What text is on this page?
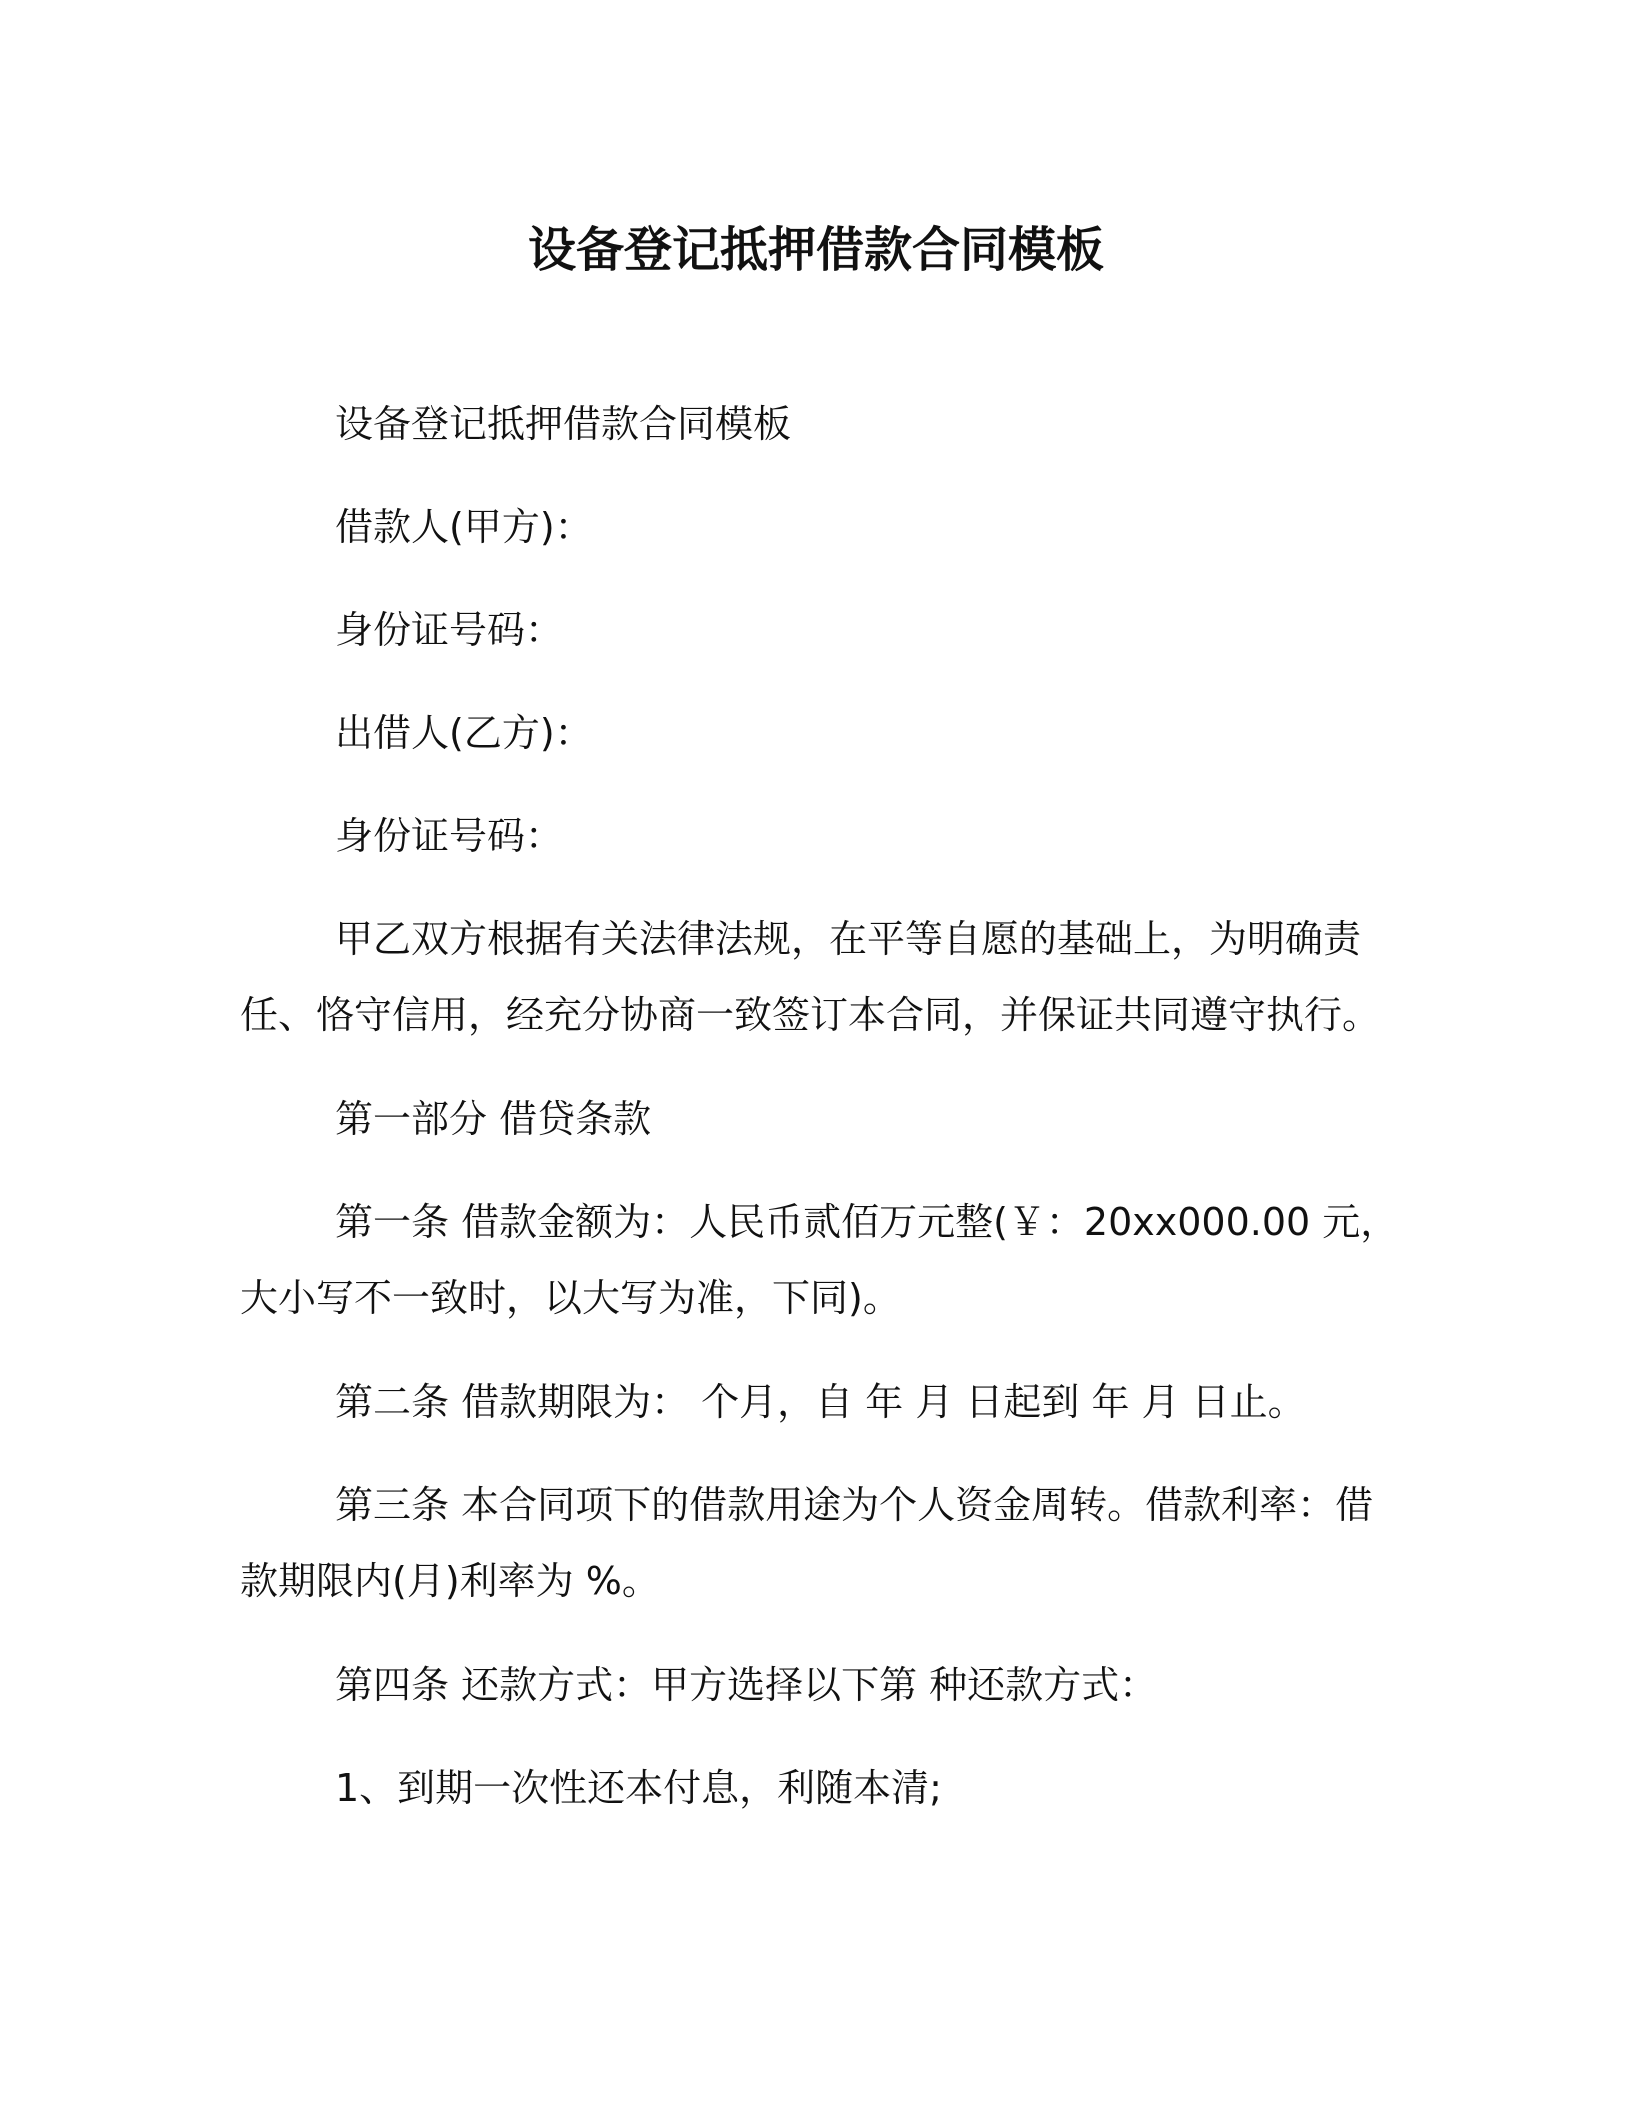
设备登记抵押借款合同模板
设备登记抵押借款合同模板
借款人(甲方)：
身份证号码：
出借人(乙方)：
身份证号码：
甲乙双方根据有关法律法规，在平等自愿的基础上，为明确责任、恪守信用，经充分协商一致签订本合同，并保证共同遵守执行。
第一部分 借贷条款
第一条 借款金额为：人民币贰佰万元整(￥：20xx000.00 元，大小写不一致时，以大写为准，下同)。
第二条 借款期限为： 个月，自 年 月 日起到 年 月 日止。
第三条 本合同项下的借款用途为个人资金周转。借款利率：借款期限内(月)利率为 %。
第四条 还款方式：甲方选择以下第 种还款方式：
1、到期一次性还本付息，利随本清;
